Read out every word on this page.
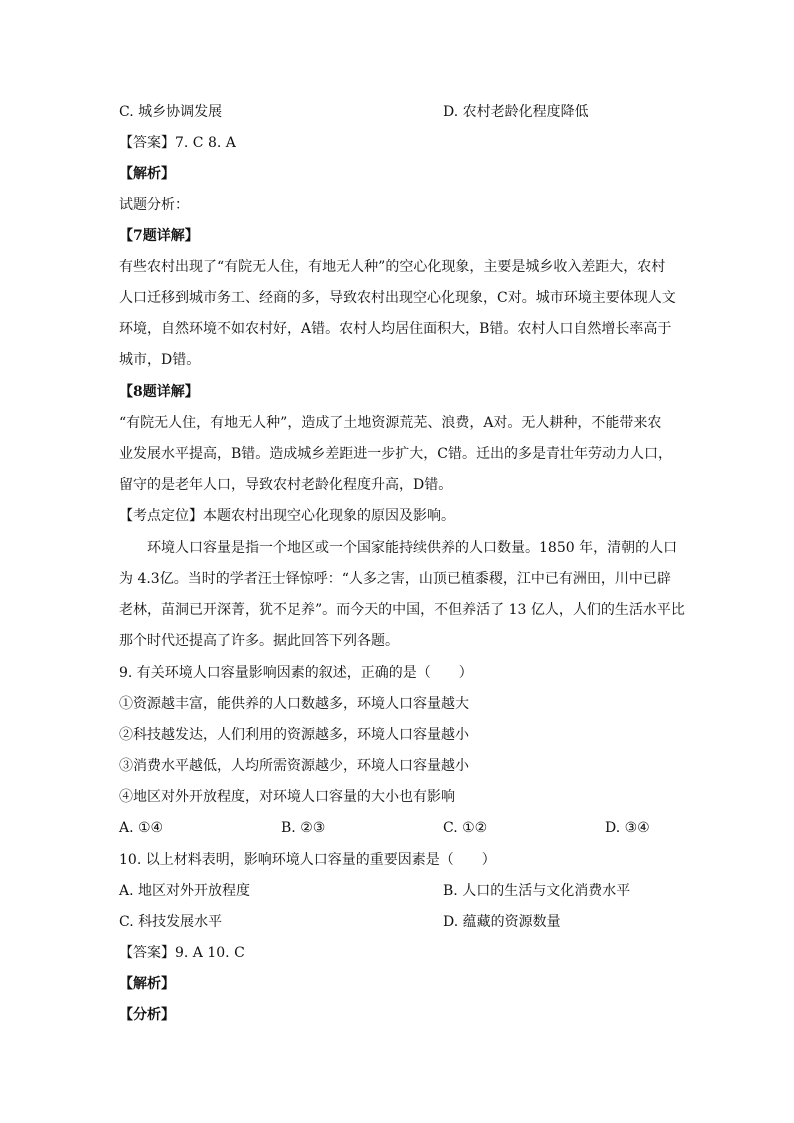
C. 城乡协调发展	D. 农村老龄化程度降低
【答案】7. C 8. A
【解析】
试题分析：
【7题详解】
有些农村出现了“有院无人住，有地无人种”的空心化现象，主要是城乡收入差距大，农村
人口迁移到城市务工、经商的多，导致农村出现空心化现象，C对。城市环境主要体现人文
环境，自然环境不如农村好，A错。农村人均居住面积大，B错。农村人口自然增长率高于
城市，D错。
【8题详解】
“有院无人住，有地无人种”，造成了土地资源荒芜、浪费，A对。无人耕种，不能带来农
业发展水平提高，B错。造成城乡差距进一步扩大，C错。迁出的多是青壮年劳动力人口，
留守的是老年人口，导致农村老龄化程度升高，D错。
【考点定位】本题农村出现空心化现象的原因及影响。
环境人口容量是指一个地区或一个国家能持续供养的人口数量。1850 年，清朝的人口
为 4.3亿。当时的学者汪士铎惊呼：“人多之害，山顶已植黍稷，江中已有洲田，川中已辟
老林，苗洞已开深菁，犹不足养”。而今天的中国，不但养活了 13 亿人，人们的生活水平比
那个时代还提高了许多。据此回答下列各题。
9. 有关环境人口容量影响因素的叙述，正确的是（　　）
①资源越丰富，能供养的人口数越多，环境人口容量越大
②科技越发达，人们利用的资源越多，环境人口容量越小
③消费水平越低，人均所需资源越少，环境人口容量越小
④地区对外开放程度，对环境人口容量的大小也有影响
A. ①④	B. ②③	C. ①②	D. ③④
10. 以上材料表明，影响环境人口容量的重要因素是（　　）
A. 地区对外开放程度	B. 人口的生活与文化消费水平
C. 科技发展水平	D. 蕴藏的资源数量
【答案】9. A 10. C
【解析】
【分析】
